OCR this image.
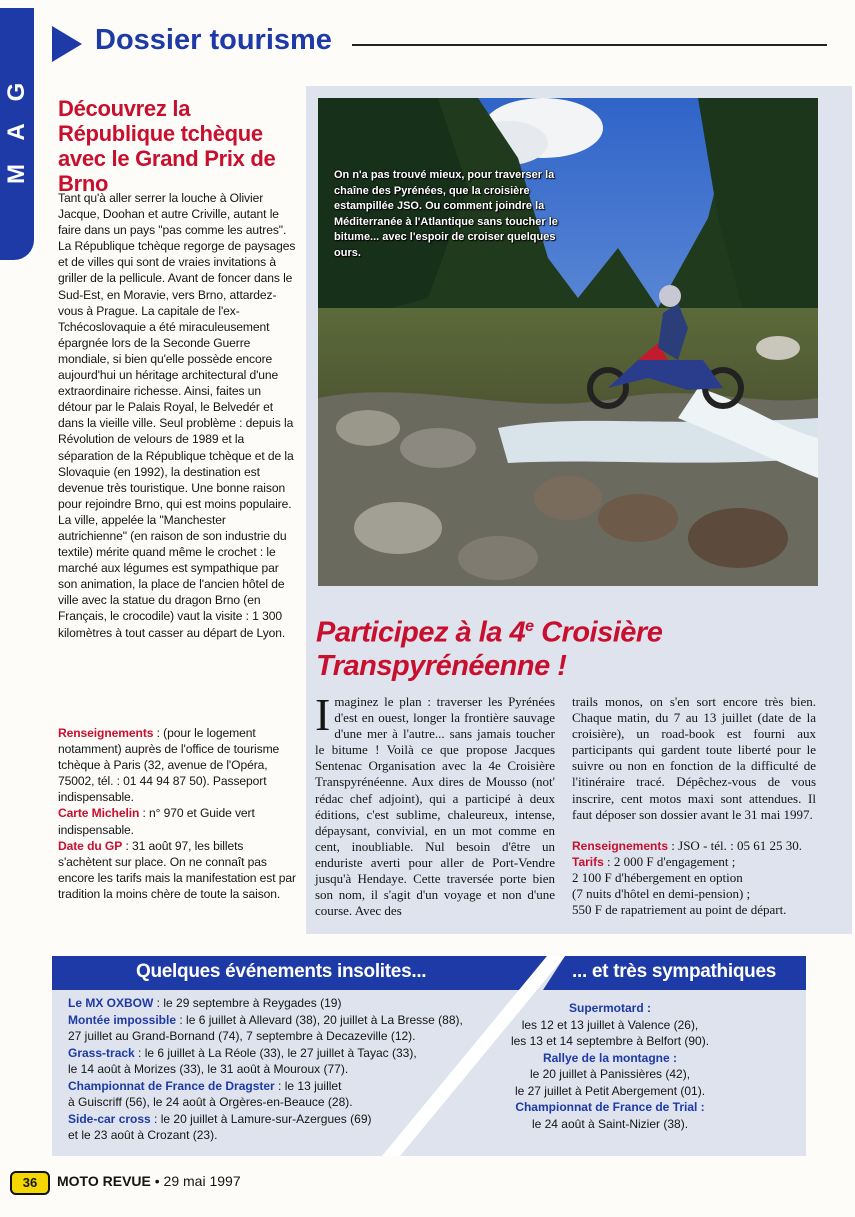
G
A
M
Dossier tourisme
Découvrez la République tchèque avec le Grand Prix de Brno

Tant qu'à aller serrer la louche à Olivier Jacque, Doohan et autre Criville, autant le faire dans un pays "pas comme les autres". La République tchèque regorge de paysages et de villes qui sont de vraies invitations à griller de la pellicule. Avant de foncer dans le Sud-Est, en Moravie, vers Brno, attardez-vous à Prague. La capitale de l'ex-Tchécoslovaquie a été miraculeusement épargnée lors de la Seconde Guerre mondiale, si bien qu'elle possède encore aujourd'hui un héritage architectural d'une extraordinaire richesse. Ainsi, faites un détour par le Palais Royal, le Belvedér et dans la vieille ville. Seul problème : depuis la Révolution de velours de 1989 et la séparation de la République tchèque et de la Slovaquie (en 1992), la destination est devenue très touristique. Une bonne raison pour rejoindre Brno, qui est moins populaire. La ville, appelée la "Manchester autrichienne" (en raison de son industrie du textile) mérite quand même le crochet : le marché aux légumes est sympathique par son animation, la place de l'ancien hôtel de ville avec la statue du dragon Brno (en Français, le crocodile) vaut la visite : 1 300 kilomètres à tout casser au départ de Lyon.

Renseignements : (pour le logement notamment) auprès de l'office de tourisme tchèque à Paris (32, avenue de l'Opéra, 75002, tél. : 01 44 94 87 50). Passeport indispensable.
Carte Michelin : n° 970 et Guide vert indispensable.
Date du GP : 31 août 97, les billets s'achètent sur place. On ne connaît pas encore les tarifs mais la manifestation est par tradition la moins chère de toute la saison.

On n'a pas trouvé mieux, pour traverser la chaîne des Pyrénées, que la croisière estampillée JSO. Ou comment joindre la Méditerranée à l'Atlantique sans toucher le bitume... avec l'espoir de croiser quelques ours.

Participez à la 4e Croisière Transpyrénéenne !

Imaginez le plan : traverser les Pyrénées d'est en ouest, longer la frontière sauvage d'une mer à l'autre... sans jamais toucher le bitume ! Voilà ce que propose Jacques Sentenac Organisation avec la 4e Croisière Transpyrénéenne. Aux dires de Mousso (not' rédac chef adjoint), qui a participé à deux éditions, c'est sublime, chaleureux, intense, dépaysant, convivial, en un mot comme en cent, inoubliable. Nul besoin d'être un enduriste averti pour aller de Port-Vendre jusqu'à Hendaye. Cette traversée porte bien son nom, il s'agit d'un voyage et non d'une course. Avec des

trails monos, on s'en sort encore très bien. Chaque matin, du 7 au 13 juillet (date de la croisière), un road-book est fourni aux participants qui gardent toute liberté pour le suivre ou non en fonction de la difficulté de l'itinéraire tracé. Dépêchez-vous de vous inscrire, cent motos maxi sont attendues. Il faut déposer son dossier avant le 31 mai 1997.

Renseignements : JSO - tél. : 05 61 25 30.
Tarifs : 2 000 F d'engagement ;
2 100 F d'hébergement en option
(7 nuits d'hôtel en demi-pension) ;
550 F de rapatriement au point de départ.
Quelques événements insolites...	... et très sympathiques

Le MX OXBOW : le 29 septembre à Reygades (19)

Montée impossible : le 6 juillet à Allevard (38), 20 juillet à La Bresse (88),
27 juillet au Grand-Bornand (74), 7 septembre à Decazeville (12).

Grass-track : le 6 juillet à La Réole (33), le 27 juillet à Tayac (33),
le 14 août à Morizes (33), le 31 août à Mouroux (77).

Championnat de France de Dragster : le 13 juillet
à Guiscriff (56), le 24 août à Orgères-en-Beauce (28).

Side-car cross : le 20 juillet à Lamure-sur-Azergues (69)
et le 23 août à Crozant (23).

Supermotard :
les 12 et 13 juillet à Valence (26),
les 13 et 14 septembre à Belfort (90).

Rallye de la montagne :
le 20 juillet à Panissières (42),
le 27 juillet à Petit Abergement (01).

Championnat de France de Trial :
le 24 août à Saint-Nizier (38).

36	MOTO REVUE • 29 mai 1997
